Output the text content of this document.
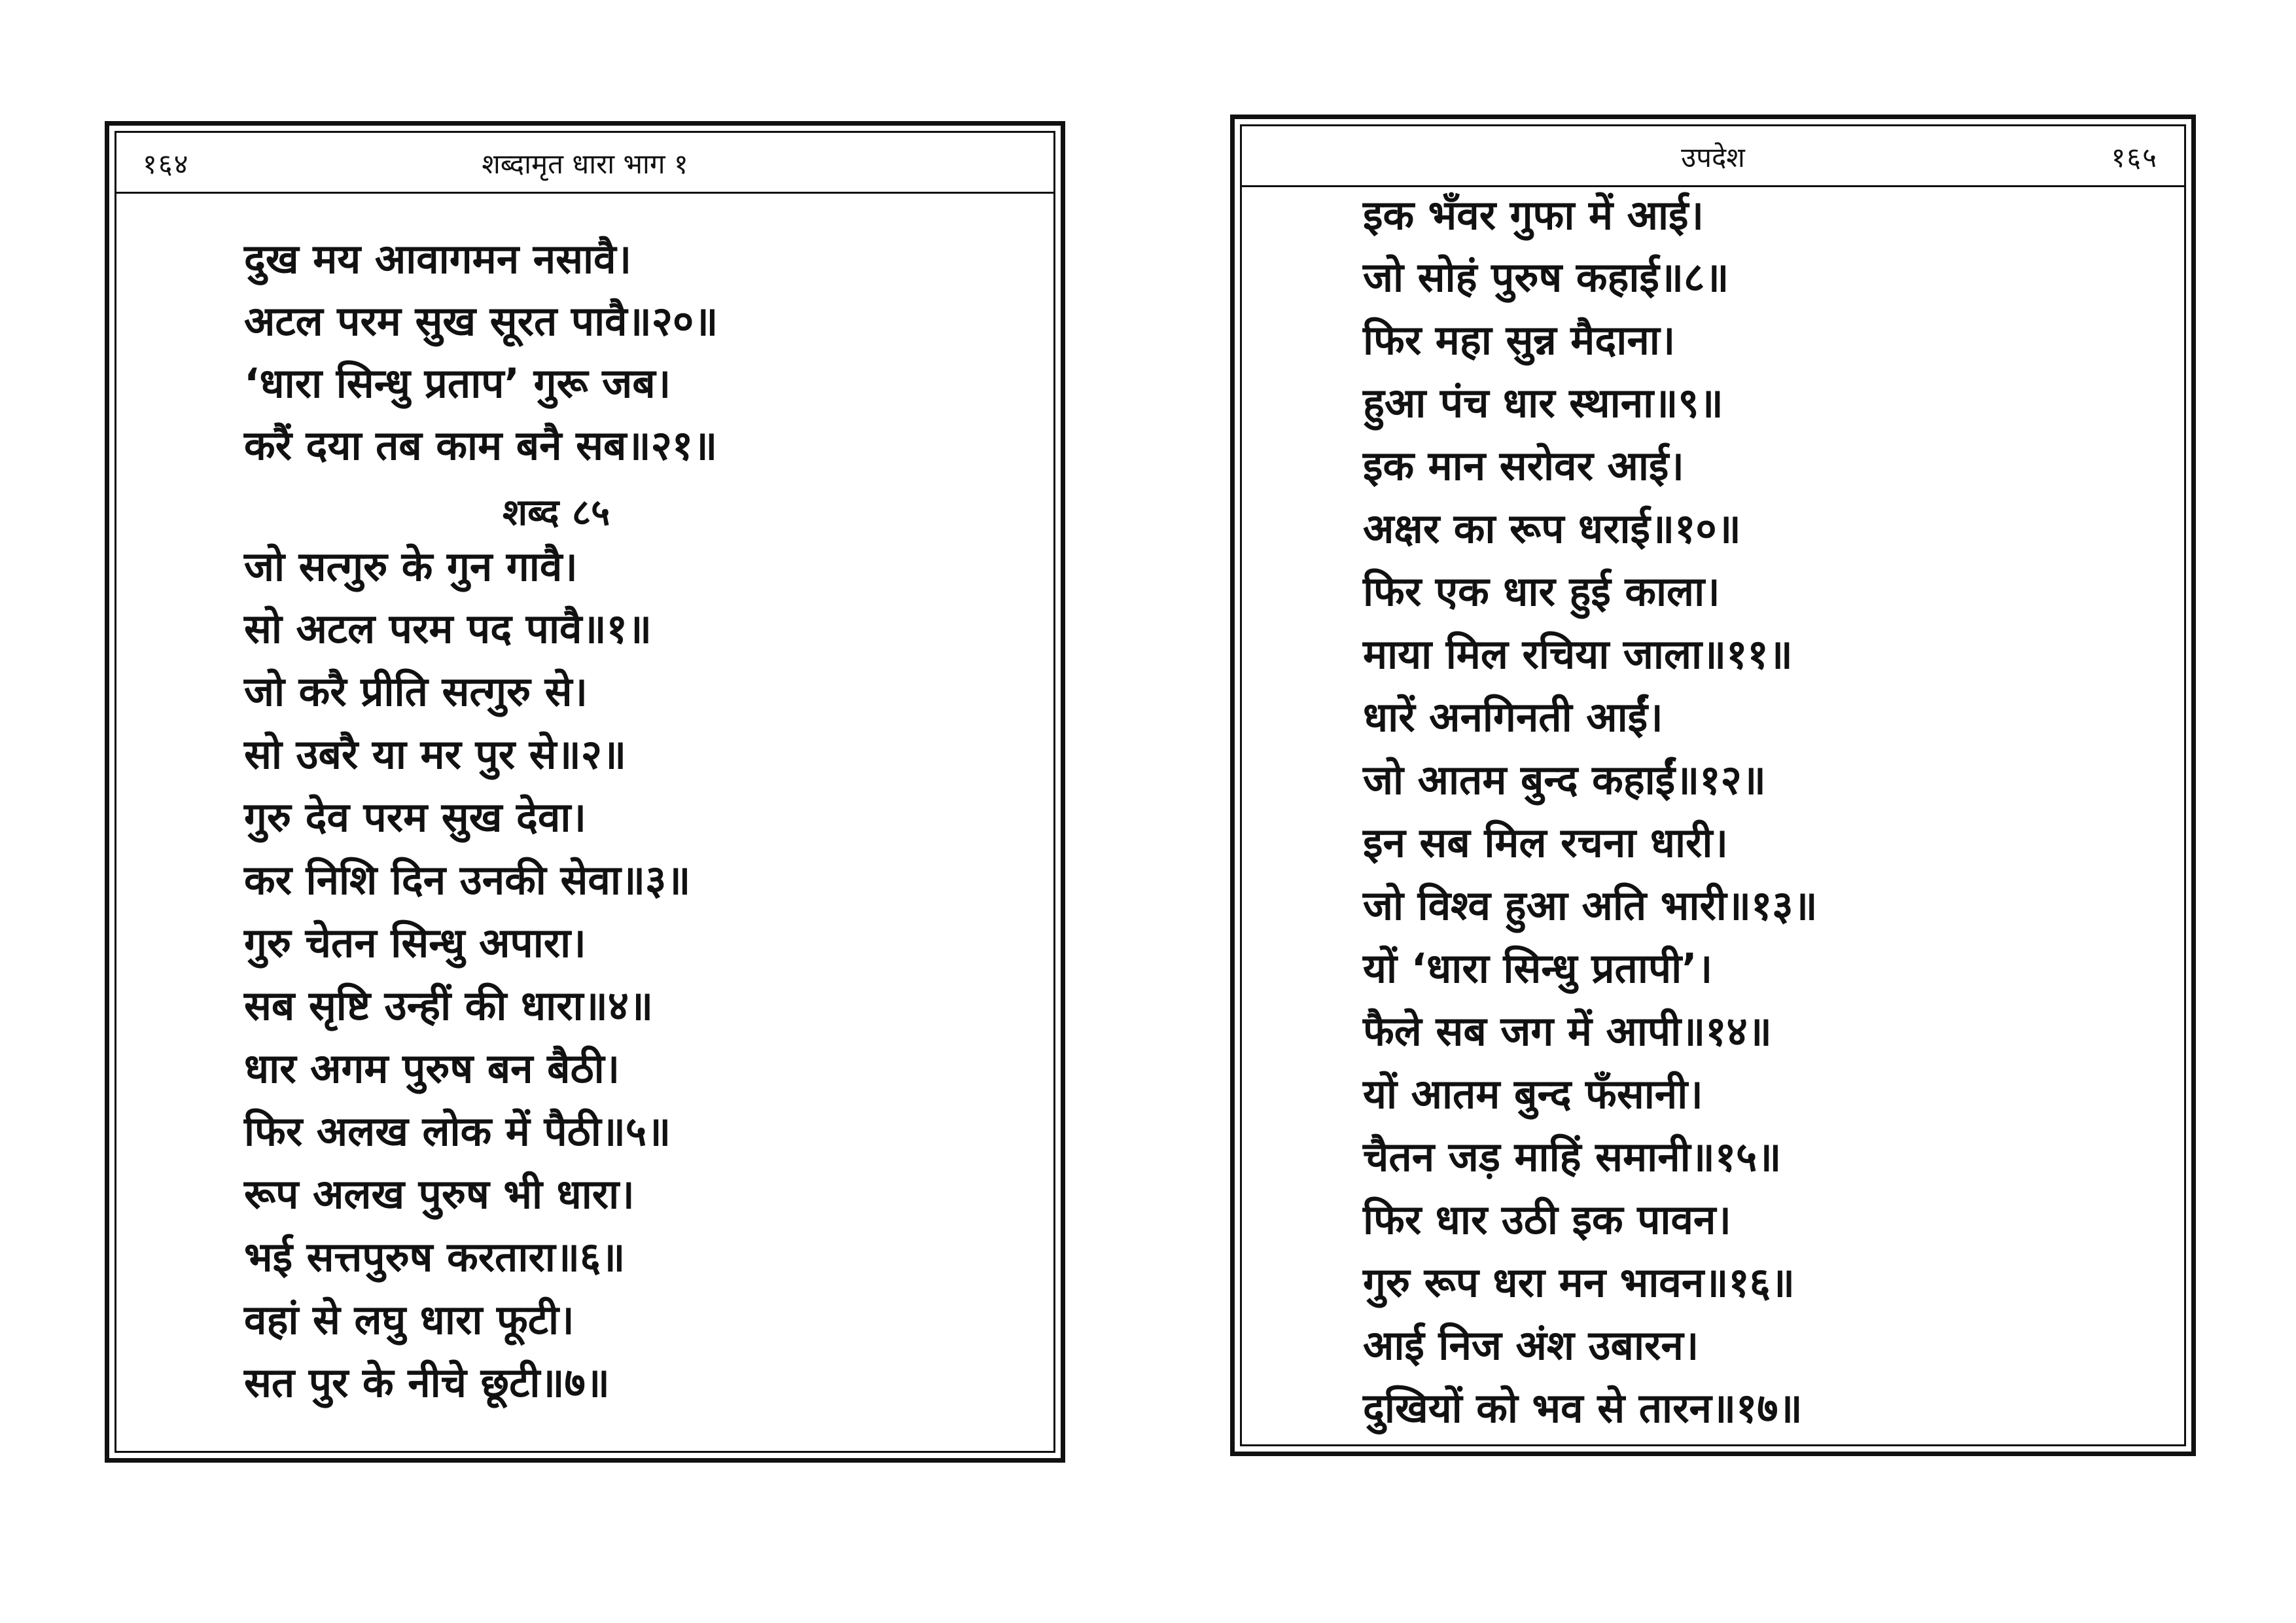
१६४	शब्दामृत धारा भाग १
दुख मय आवागमन नसावै।
अटल परम सुख सूरत पावै॥२०॥
‘धारा सिन्धु प्रताप’ गुरू जब।
करैं दया तब काम बनै सब॥२१॥
शब्द ८५
जो सत्गुरु के गुन गावै।
सो अटल परम पद पावै॥१॥
जो करै प्रीति सत्गुरु से।
सो उबरै या मर पुर से॥२॥
गुरु देव परम सुख देवा।
कर निशि दिन उनकी सेवा॥३॥
गुरु चेतन सिन्धु अपारा।
सब सृष्टि उन्हीं की धारा॥४॥
धार अगम पुरुष बन बैठी।
फिर अलख लोक में पैठी॥५॥
रूप अलख पुरुष भी धारा।
भई सत्तपुरुष करतारा॥६॥
वहां से लघु धारा फूटी।
सत पुर के नीचे छूटी॥७॥
उपदेश	१६५
इक भँवर गुफा में आई।
जो सोहं पुरुष कहाई॥८॥
फिर महा सुन्न मैदाना।
हुआ पंच धार स्थाना॥९॥
इक मान सरोवर आई।
अक्षर का रूप धराई॥१०॥
फिर एक धार हुई काला।
माया मिल रचिया जाला॥११॥
धारें अनगिनती आईं।
जो आतम बुन्द कहाईं॥१२॥
इन सब मिल रचना धारी।
जो विश्व हुआ अति भारी॥१३॥
यों ‘धारा सिन्धु प्रतापी’।
फैले सब जग में आपी॥१४॥
यों आतम बुन्द फँसानी।
चैतन जड़ माहिं समानी॥१५॥
फिर धार उठी इक पावन।
गुरु रूप धरा मन भावन॥१६॥
आई निज अंश उबारन।
दुखियों को भव से तारन॥१७॥
